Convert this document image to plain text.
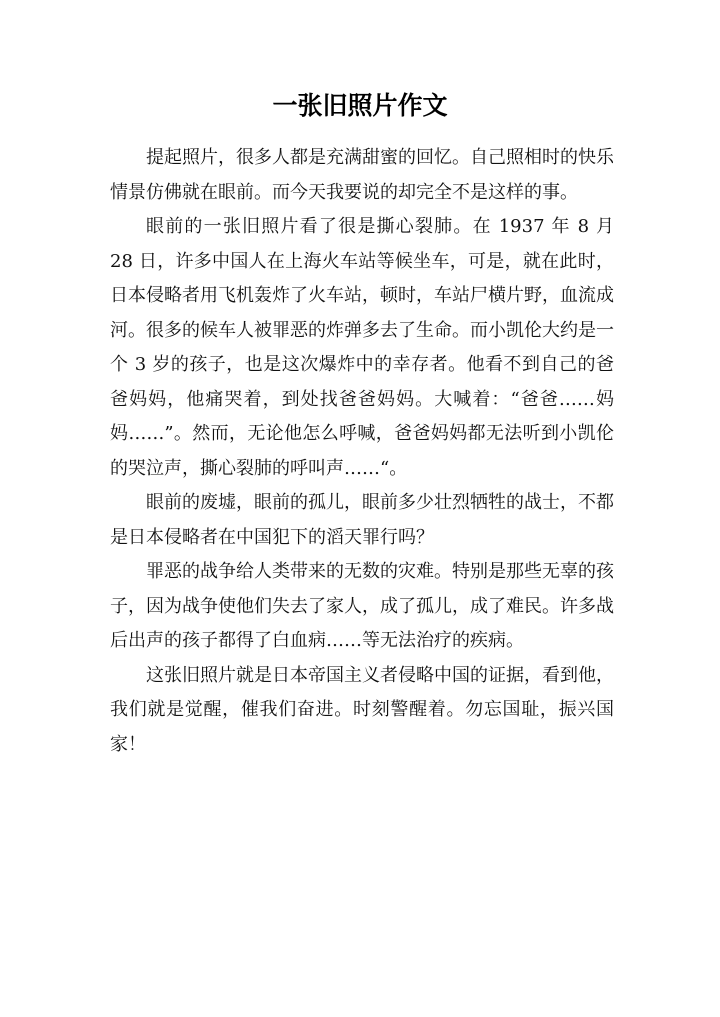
一张旧照片作文

提起照片，很多人都是充满甜蜜的回忆。自己照相时的快乐情景仿佛就在眼前。而今天我要说的却完全不是这样的事。

眼前的一张旧照片看了很是撕心裂肺。在 1937 年 8 月 28 日，许多中国人在上海火车站等候坐车，可是，就在此时，日本侵略者用飞机轰炸了火车站，顿时，车站尸横片野，血流成河。很多的候车人被罪恶的炸弹多去了生命。而小凯伦大约是一个 3 岁的孩子，也是这次爆炸中的幸存者。他看不到自己的爸爸妈妈，他痛哭着，到处找爸爸妈妈。大喊着：“爸爸……妈妈……”。然而，无论他怎么呼喊，爸爸妈妈都无法听到小凯伦的哭泣声，撕心裂肺的呼叫声……“。

眼前的废墟，眼前的孤儿，眼前多少壮烈牺牲的战士，不都是日本侵略者在中国犯下的滔天罪行吗？

罪恶的战争给人类带来的无数的灾难。特别是那些无辜的孩子，因为战争使他们失去了家人，成了孤儿，成了难民。许多战后出声的孩子都得了白血病……等无法治疗的疾病。

这张旧照片就是日本帝国主义者侵略中国的证据，看到他，我们就是觉醒，催我们奋进。时刻警醒着。勿忘国耻，振兴国家！
